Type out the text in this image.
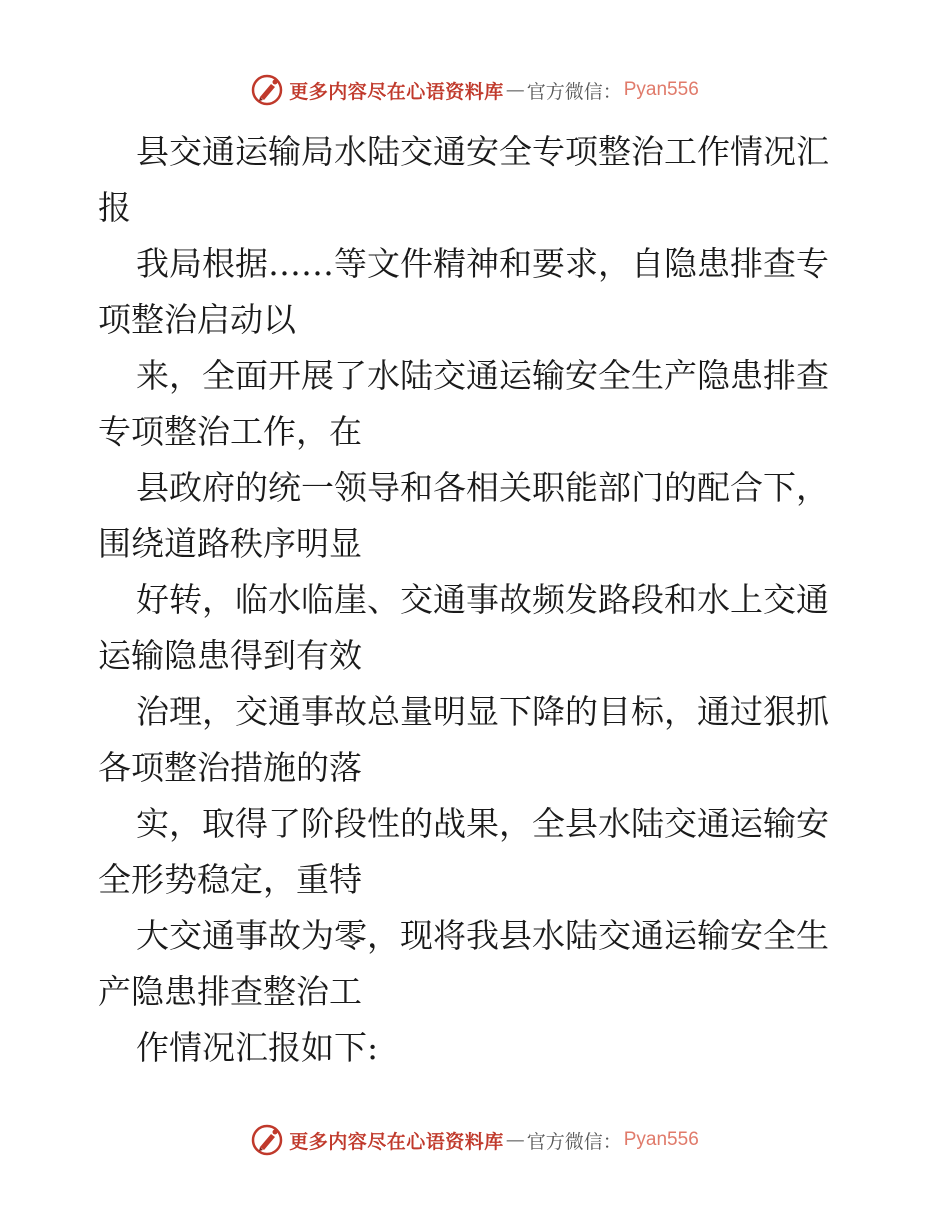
更多内容尽在心语资料库 — 官方微信： Pyan556

县交通运输局水陆交通安全专项整治工作情况汇
报

我局根据……等文件精神和要求，自隐患排查专
项整治启动以

来，全面开展了水陆交通运输安全生产隐患排查
专项整治工作，在

县政府的统一领导和各相关职能部门的配合下，
围绕道路秩序明显

好转，临水临崖、交通事故频发路段和水上交通
运输隐患得到有效

治理，交通事故总量明显下降的目标，通过狠抓
各项整治措施的落

实，取得了阶段性的战果，全县水陆交通运输安
全形势稳定，重特

大交通事故为零，现将我县水陆交通运输安全生
产隐患排查整治工

作情况汇报如下:

更多内容尽在心语资料库 — 官方微信： Pyan556
